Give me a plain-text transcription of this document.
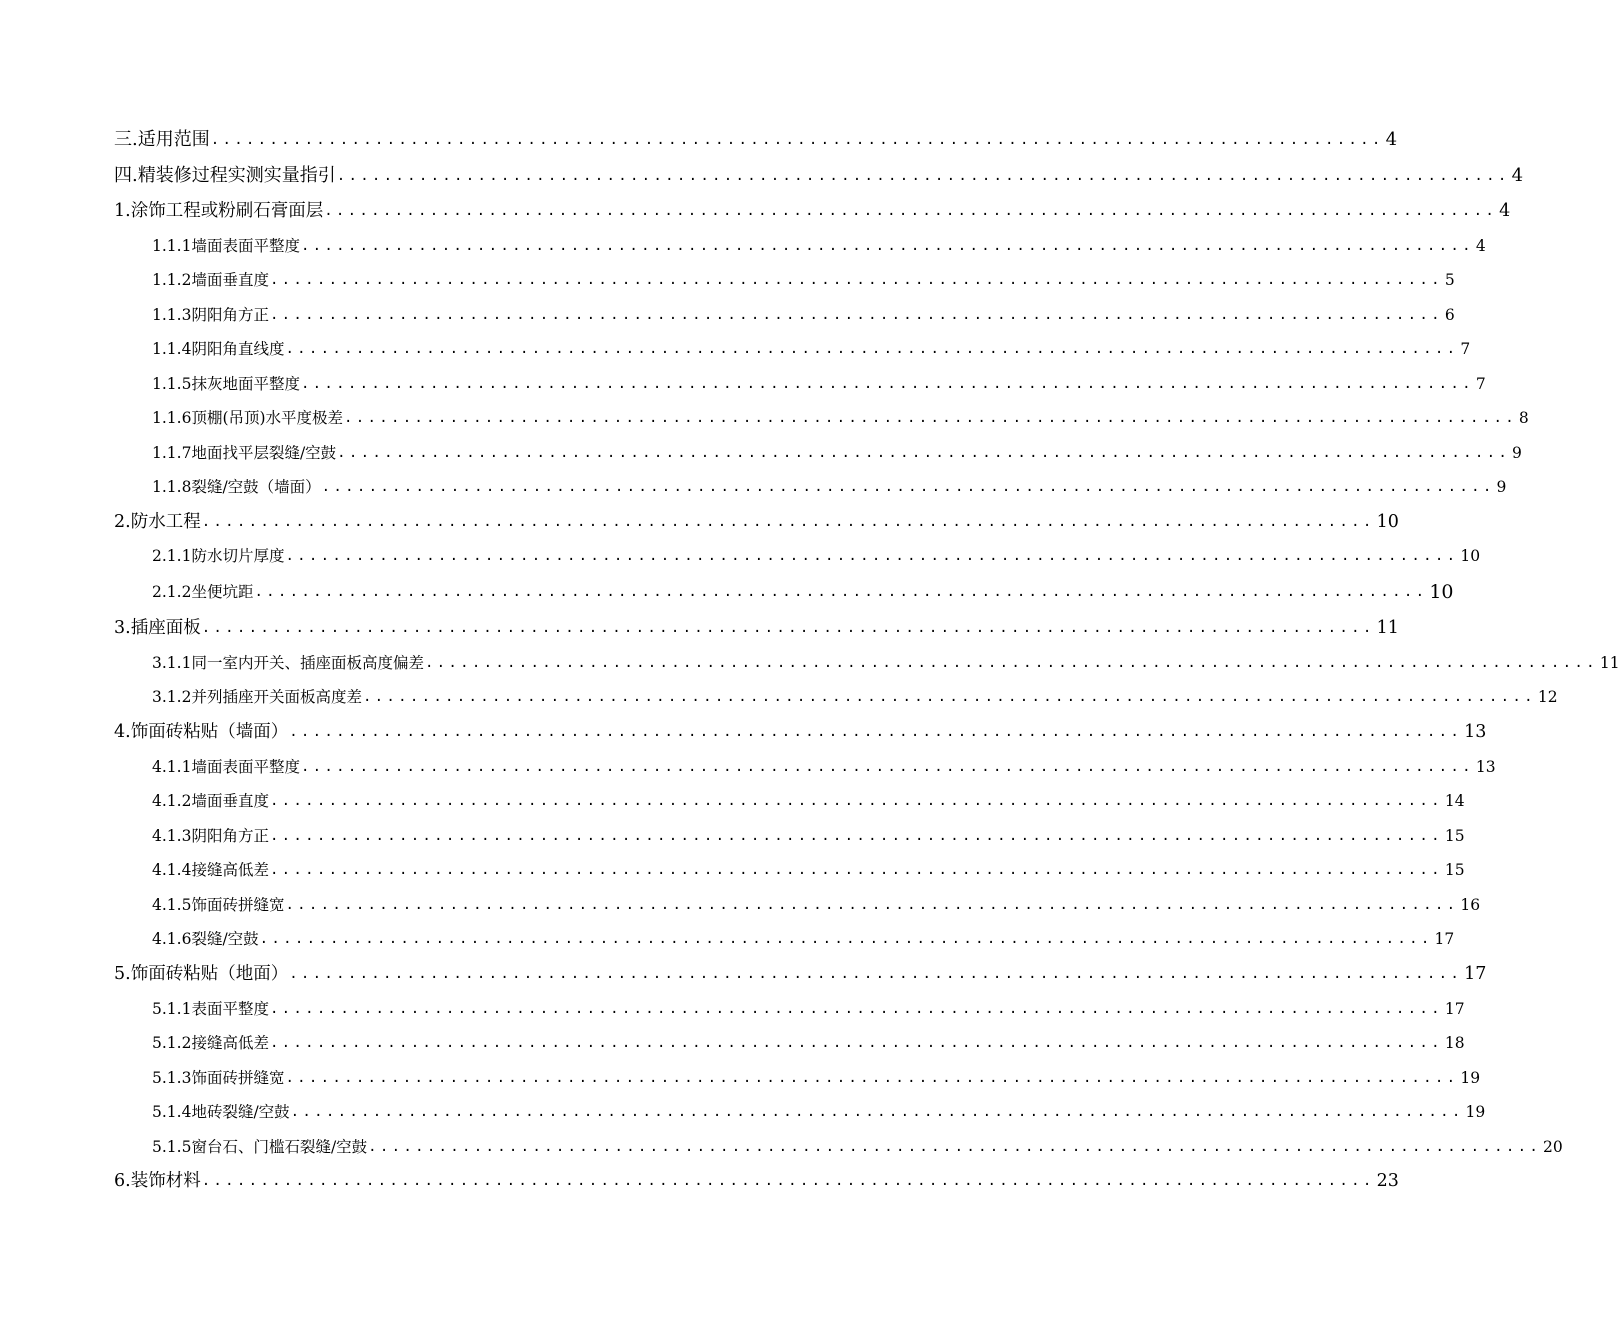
三.适用范围 .................................................................................................... 4
四.精装修过程实测实量指引 .................................................................................................... 4
1.涂饰工程或粉刷石膏面层 .................................................................................................... 4
1.1.1墙面表面平整度 .................................................................................................... 4
1.1.2墙面垂直度 .................................................................................................... 5
1.1.3阴阳角方正 .................................................................................................... 6
1.1.4阴阳角直线度 .................................................................................................... 7
1.1.5抹灰地面平整度 .................................................................................................... 7
1.1.6顶棚(吊顶)水平度极差 .................................................................................................... 8
1.1.7地面找平层裂缝/空鼓 .................................................................................................... 9
1.1.8裂缝/空鼓（墙面） .................................................................................................... 9
2.防水工程 .................................................................................................... 10
2.1.1防水切片厚度 .................................................................................................... 10
2.1.2坐便坑距 .................................................................................................... 10
3.插座面板 .................................................................................................... 11
3.1.1同一室内开关、插座面板高度偏差 .................................................................................................... 11
3.1.2并列插座开关面板高度差 .................................................................................................... 12
4.饰面砖粘贴（墙面） .................................................................................................... 13
4.1.1墙面表面平整度 .................................................................................................... 13
4.1.2墙面垂直度 .................................................................................................... 14
4.1.3阴阳角方正 .................................................................................................... 15
4.1.4接缝高低差 .................................................................................................... 15
4.1.5饰面砖拼缝宽 .................................................................................................... 16
4.1.6裂缝/空鼓 .................................................................................................... 17
5.饰面砖粘贴（地面） .................................................................................................... 17
5.1.1表面平整度 .................................................................................................... 17
5.1.2接缝高低差 .................................................................................................... 18
5.1.3饰面砖拼缝宽 .................................................................................................... 19
5.1.4地砖裂缝/空鼓 .................................................................................................... 19
5.1.5窗台石、门槛石裂缝/空鼓 .................................................................................................... 20
6.装饰材料 .................................................................................................... 23
